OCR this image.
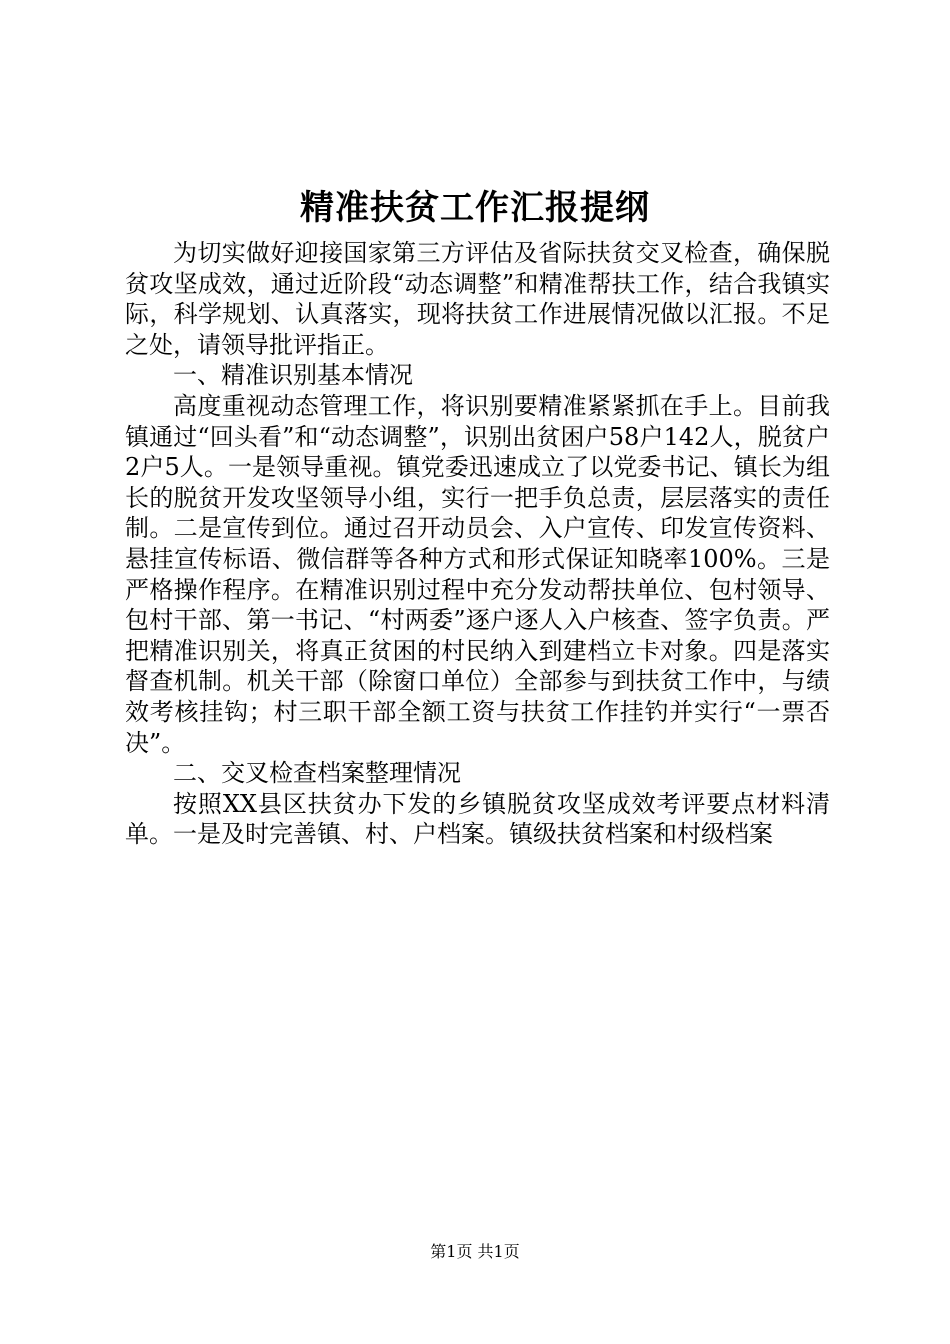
精准扶贫工作汇报提纲

为切实做好迎接国家第三方评估及省际扶贫交叉检查，确保脱贫攻坚成效，通过近阶段“动态调整”和精准帮扶工作，结合我镇实际，科学规划、认真落实，现将扶贫工作进展情况做以汇报。不足之处，请领导批评指正。

一、精准识别基本情况

高度重视动态管理工作，将识别要精准紧紧抓在手上。目前我镇通过“回头看”和“动态调整”，识别出贫困户58户142人，脱贫户2户5人。一是领导重视。镇党委迅速成立了以党委书记、镇长为组长的脱贫开发攻坚领导小组，实行一把手负总责，层层落实的责任制。二是宣传到位。通过召开动员会、入户宣传、印发宣传资料、悬挂宣传标语、微信群等各种方式和形式保证知晓率100%。三是严格操作程序。在精准识别过程中充分发动帮扶单位、包村领导、包村干部、第一书记、“村两委”逐户逐人入户核查、签字负责。严把精准识别关，将真正贫困的村民纳入到建档立卡对象。四是落实督查机制。机关干部（除窗口单位）全部参与到扶贫工作中，与绩效考核挂钩；村三职干部全额工资与扶贫工作挂钓并实行“一票否决”。

二、交叉检查档案整理情况

按照XX县区扶贫办下发的乡镇脱贫攻坚成效考评要点材料清单。一是及时完善镇、村、户档案。镇级扶贫档案和村级档案

第1页 共1页
